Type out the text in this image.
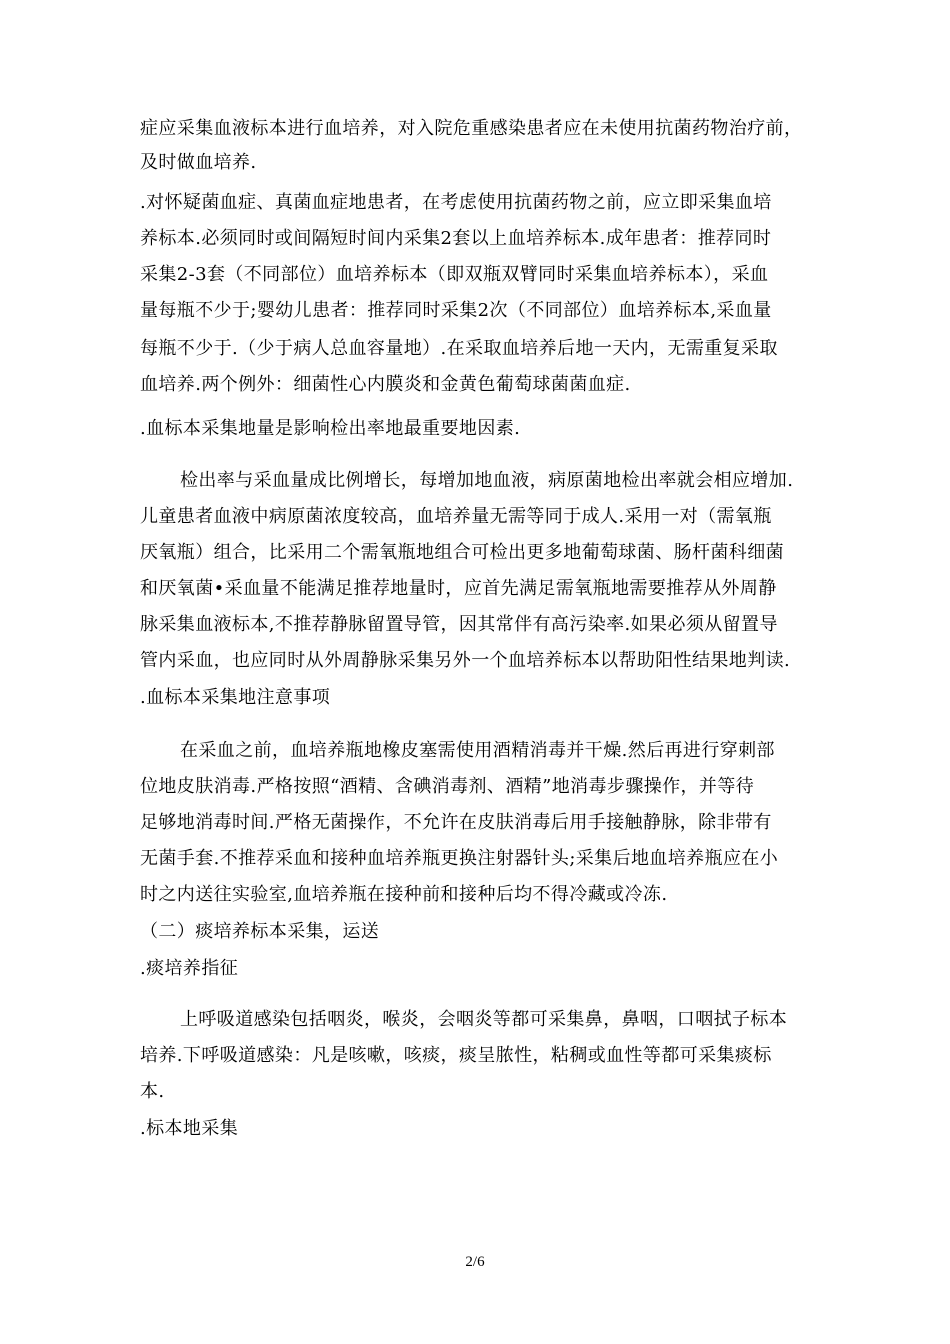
症应采集血液标本进行血培养，对入院危重感染患者应在未使用抗菌药物治疗前，
及时做血培养.
.对怀疑菌血症、真菌血症地患者，在考虑使用抗菌药物之前，应立即采集血培
养标本.必须同时或间隔短时间内采集2套以上血培养标本.成年患者：推荐同时
采集2-3套（不同部位）血培养标本（即双瓶双臂同时采集血培养标本），采血
量每瓶不少于;婴幼儿患者：推荐同时采集2次（不同部位）血培养标本,采血量
每瓶不少于.（少于病人总血容量地）.在采取血培养后地一天内，无需重复采取
血培养.两个例外：细菌性心内膜炎和金黄色葡萄球菌菌血症.
.血标本采集地量是影响检出率地最重要地因素.
检出率与采血量成比例增长，每增加地血液，病原菌地检出率就会相应增加.
儿童患者血液中病原菌浓度较高，血培养量无需等同于成人.采用一对（需氧瓶
厌氧瓶）组合，比采用二个需氧瓶地组合可检出更多地葡萄球菌、肠杆菌科细菌
和厌氧菌•采血量不能满足推荐地量时，应首先满足需氧瓶地需要推荐从外周静
脉采集血液标本,不推荐静脉留置导管，因其常伴有高污染率.如果必须从留置导
管内采血，也应同时从外周静脉采集另外一个血培养标本以帮助阳性结果地判读.
.血标本采集地注意事项
在采血之前，血培养瓶地橡皮塞需使用酒精消毒并干燥.然后再进行穿刺部
位地皮肤消毒.严格按照“酒精、含碘消毒剂、酒精”地消毒步骤操作，并等待
足够地消毒时间.严格无菌操作，不允许在皮肤消毒后用手接触静脉，除非带有
无菌手套.不推荐采血和接种血培养瓶更换注射器针头;采集后地血培养瓶应在小
时之内送往实验室,血培养瓶在接种前和接种后均不得冷藏或冷冻.
（二）痰培养标本采集，运送
.痰培养指征
上呼吸道感染包括咽炎，喉炎，会咽炎等都可采集鼻，鼻咽，口咽拭子标本
培养.下呼吸道感染：凡是咳嗽，咳痰，痰呈脓性，粘稠或血性等都可采集痰标
本.
.标本地采集
2/6
